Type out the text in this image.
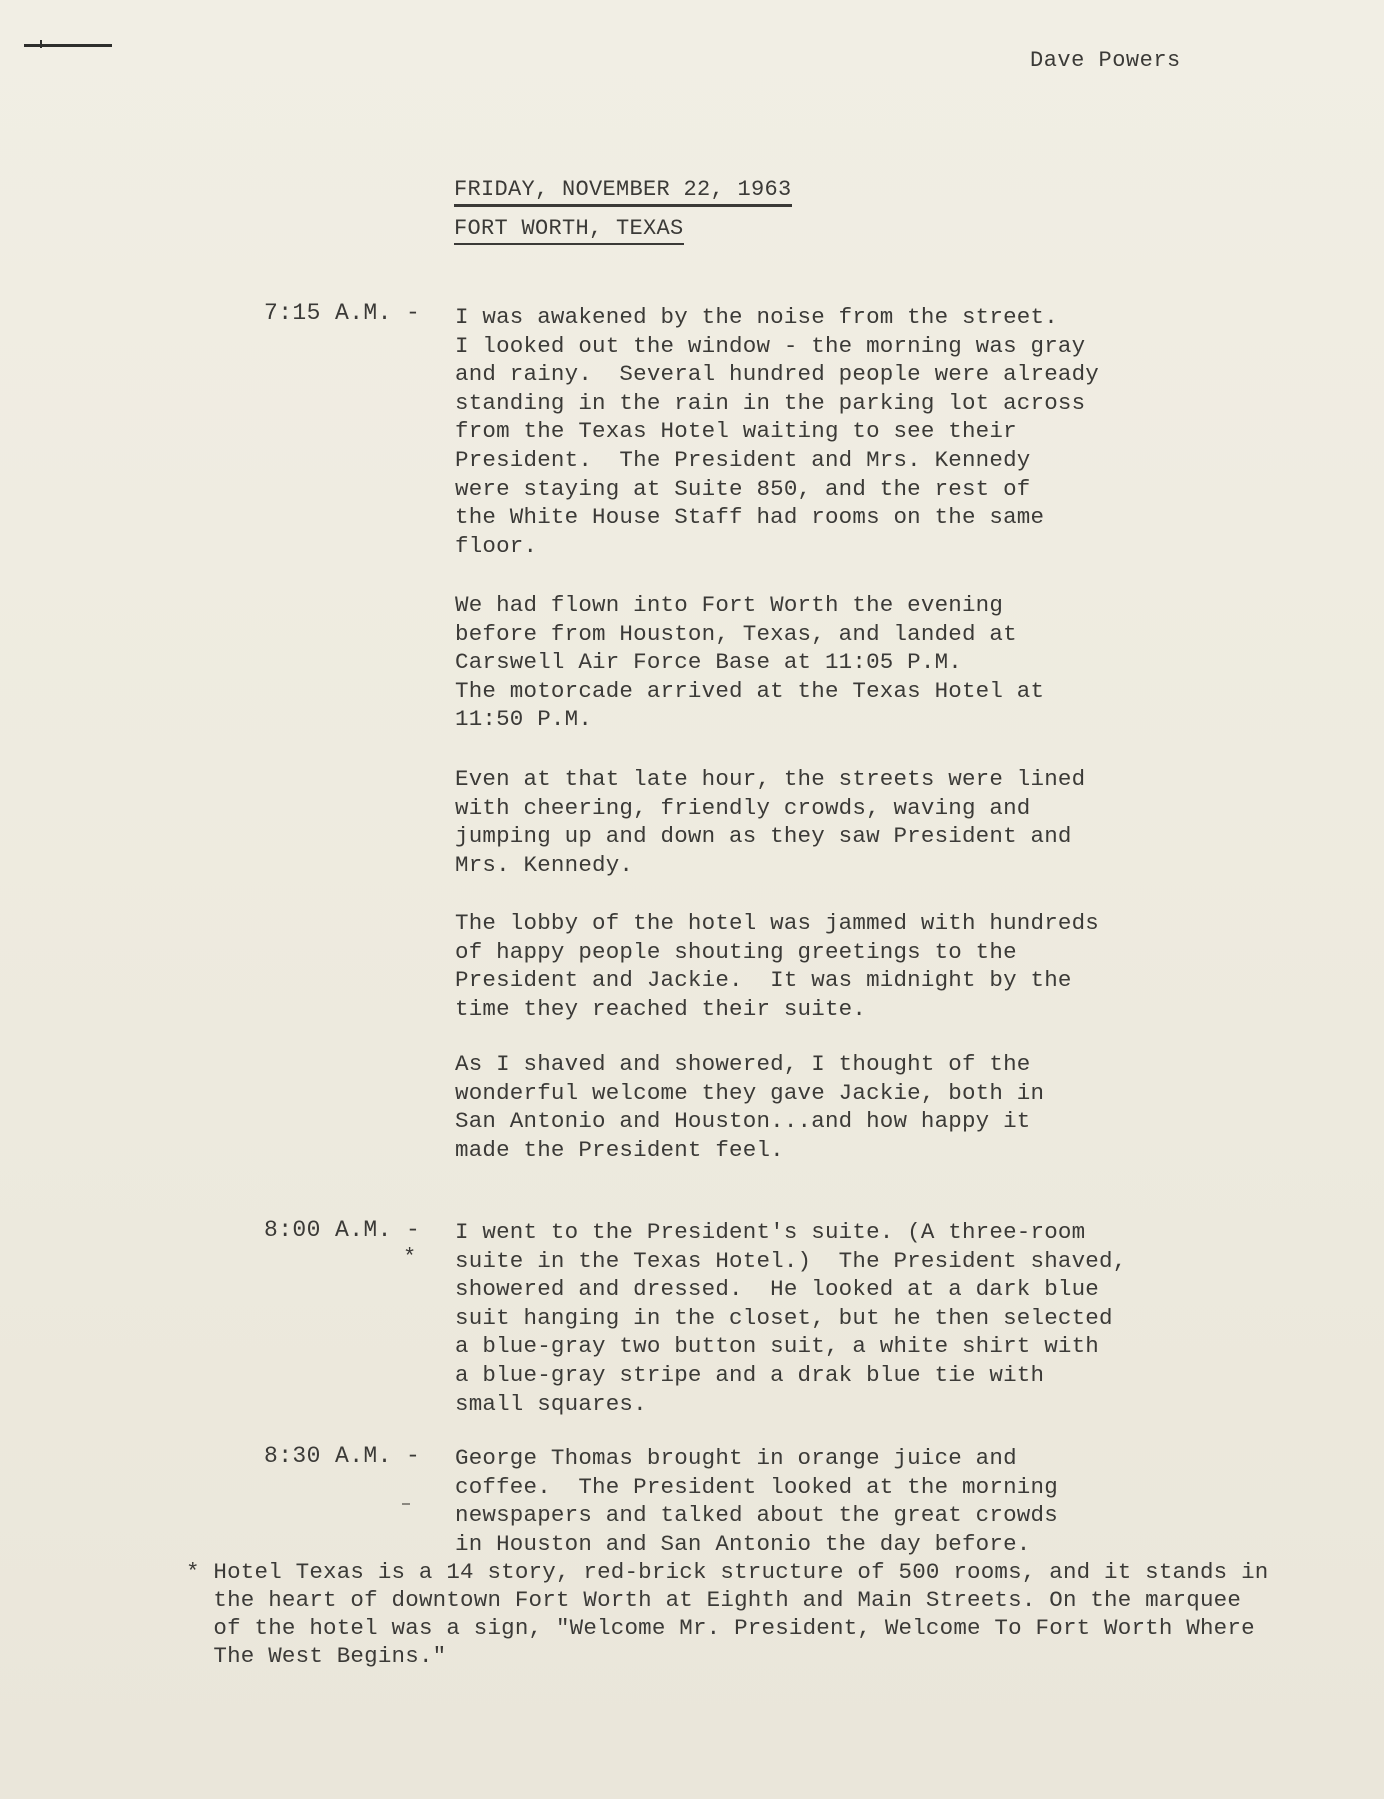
Dave Powers
FRIDAY, NOVEMBER 22, 1963
FORT WORTH, TEXAS
7:15 A.M. - I was awakened by the noise from the street.
I looked out the window - the morning was gray
and rainy.  Several hundred people were already
standing in the rain in the parking lot across
from the Texas Hotel waiting to see their
President.  The President and Mrs. Kennedy
were staying at Suite 850, and the rest of
the White House Staff had rooms on the same
floor.
We had flown into Fort Worth the evening
before from Houston, Texas, and landed at
Carswell Air Force Base at 11:05 P.M.
The motorcade arrived at the Texas Hotel at
11:50 P.M.
Even at that late hour, the streets were lined
with cheering, friendly crowds, waving and
jumping up and down as they saw President and
Mrs. Kennedy.
The lobby of the hotel was jammed with hundreds
of happy people shouting greetings to the
President and Jackie.  It was midnight by the
time they reached their suite.
As I shaved and showered, I thought of the
wonderful welcome they gave Jackie, both in
San Antonio and Houston...and how happy it
made the President feel.
8:00 A.M. -
*
I went to the President's suite. (A three-room
suite in the Texas Hotel.)  The President shaved,
showered and dressed.  He looked at a dark blue
suit hanging in the closet, but he then selected
a blue-gray two button suit, a white shirt with
a blue-gray stripe and a drak blue tie with
small squares.
8:30 A.M. - George Thomas brought in orange juice and
coffee.  The President looked at the morning
newspapers and talked about the great crowds
in Houston and San Antonio the day before.
* Hotel Texas is a 14 story, red-brick structure of 500 rooms, and it stands in
the heart of downtown Fort Worth at Eighth and Main Streets. On the marquee
of the hotel was a sign, "Welcome Mr. President, Welcome To Fort Worth Where
The West Begins."
